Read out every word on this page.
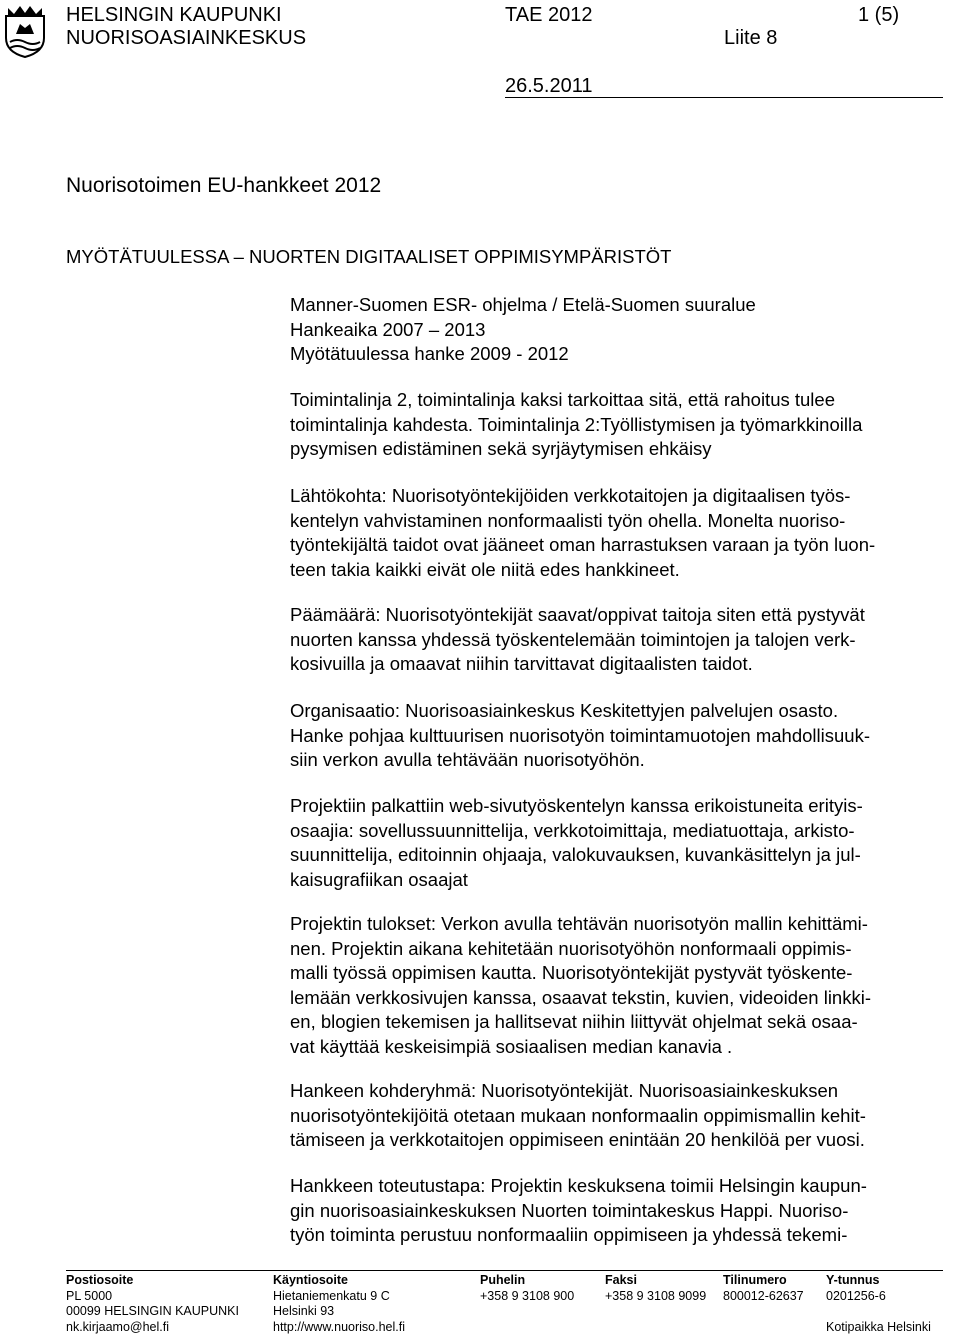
HELSINGIN KAUPUNKI
NUORISOASIAINKESKUS
TAE 2012	1 (5)
Liite 8
26.5.2011
Nuorisotoimen EU-hankkeet 2012
MYÖTÄTUULESSA – NUORTEN DIGITAALISET OPPIMISYMPÄRISTÖT
Manner-Suomen ESR- ohjelma / Etelä-Suomen suuralue
Hankeaika 2007 – 2013
Myötätuulessa hanke 2009 - 2012
Toimintalinja 2, toimintalinja kaksi tarkoittaa sitä, että rahoitus tulee
toimintalinja kahdesta. Toimintalinja 2:Työllistymisen ja työmarkkinoilla
pysymisen edistäminen sekä syrjäytymisen ehkäisy
Lähtökohta: Nuorisotyöntekijöiden verkkotaitojen ja digitaalisen työs-
kentelyn vahvistaminen nonformaalisti työn ohella. Monelta nuoriso-
työntekijältä taidot ovat jääneet oman harrastuksen varaan ja työn luon-
teen takia kaikki eivät ole niitä edes hankkineet.
Päämäärä: Nuorisotyöntekijät saavat/oppivat taitoja siten että pystyvät
nuorten kanssa yhdessä työskentelemään toimintojen ja talojen verk-
kosivuilla ja omaavat niihin tarvittavat digitaalisten taidot.
Organisaatio: Nuorisoasiainkeskus Keskitettyjen palvelujen osasto.
Hanke pohjaa kulttuurisen nuorisotyön toimintamuotojen mahdollisuuk-
siin verkon avulla tehtävään nuorisotyöhön.
Projektiin palkattiin web-sivutyöskentelyn kanssa erikoistuneita erityis-
osaajia: sovellussuunnittelija, verkkotoimittaja, mediatuottaja, arkisto-
suunnittelija, editoinnin ohjaaja, valokuvauksen, kuvankäsittelyn ja jul-
kaisugrafiikan osaajat
Projektin tulokset: Verkon avulla tehtävän nuorisotyön mallin kehittämi-
nen. Projektin aikana kehitetään nuorisotyöhön nonformaali oppimis-
malli työssä oppimisen kautta. Nuorisotyöntekijät pystyvät työskente-
lemään verkkosivujen kanssa, osaavat tekstin, kuvien, videoiden linkki-
en, blogien tekemisen ja hallitsevat niihin liittyvät ohjelmat sekä osaa-
vat käyttää keskeisimpiä sosiaalisen median kanavia .
Hankeen kohderyhmä: Nuorisotyöntekijät. Nuorisoasiainkeskuksen
nuorisotyöntekijöitä otetaan mukaan nonformaalin oppimismallin kehit-
tämiseen ja verkkotaitojen oppimiseen enintään 20 henkilöä per vuosi.
Hankkeen toteutustapa: Projektin keskuksena toimii Helsingin kaupun-
gin nuorisoasiainkeskuksen Nuorten toimintakeskus Happi. Nuoriso-
työn toiminta perustuu nonformaaliin oppimiseen ja yhdessä tekemi-
Postiosoite
PL 5000
00099 HELSINGIN KAUPUNKI
nk.kirjaamo@hel.fi
Käyntiosoite
Hietaniemenkatu 9 C
Helsinki 93
http://www.nuoriso.hel.fi
Puhelin
+358 9 3108 900
Faksi
+358 9 3108 9099
Tilinumero
800012-62637
Y-tunnus
0201256-6
Kotipaikka Helsinki
